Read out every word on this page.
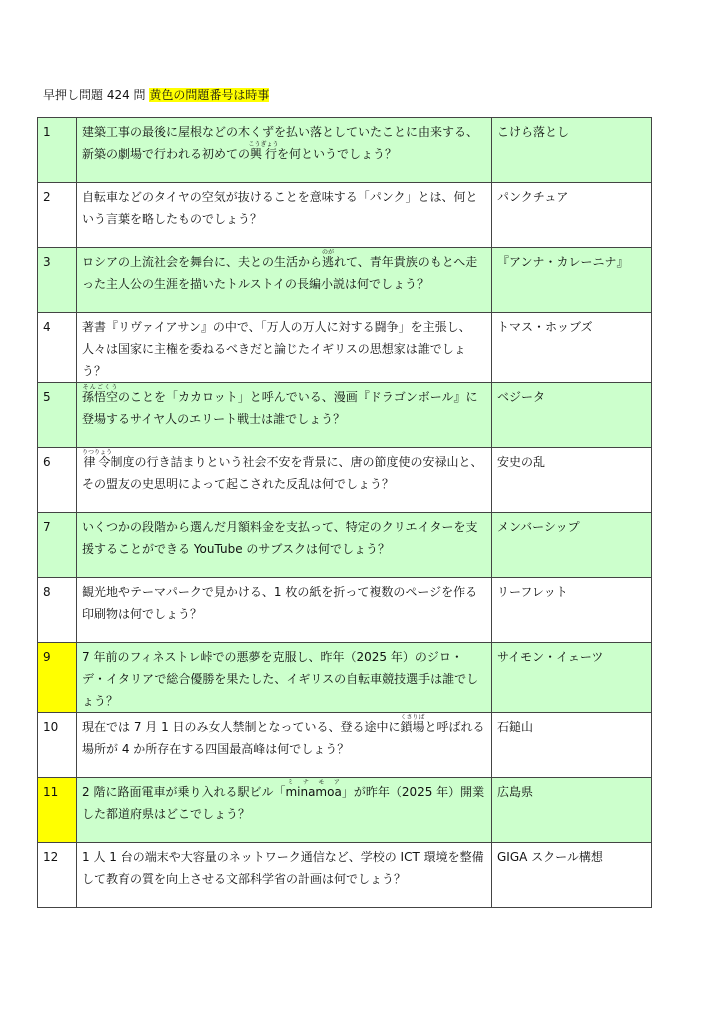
早押し問題 424 問 黄色の問題番号は時事
1	建築工事の最後に屋根などの木くずを払い落としていたことに由来する、新築の劇場で行われる初めての興行こうぎょうを何というでしょう？	こけら落とし
2	自転車などのタイヤの空気が抜けることを意味する「パンク」とは、何という言葉を略したものでしょう？	パンクチュア
3	ロシアの上流社会を舞台に、夫との生活から逃のがれて、青年貴族のもとへ走った主人公の生涯を描いたトルストイの長編小説は何でしょう？	『アンナ・カレーニナ』
4	著書『リヴァイアサン』の中で、「万人の万人に対する闘争」を主張し、人々は国家に主権を委ねるべきだと論じたイギリスの思想家は誰でしょう？	トマス・ホッブズ
5	孫悟空そんごくうのことを「カカロット」と呼んでいる、漫画『ドラゴンボール』に登場するサイヤ人のエリート戦士は誰でしょう？	ベジータ
6	律令りつりょう制度の行き詰まりという社会不安を背景に、唐の節度使の安禄山と、その盟友の史思明によって起こされた反乱は何でしょう？	安史の乱
7	いくつかの段階から選んだ月額料金を支払って、特定のクリエイターを支援することができる YouTube のサブスクは何でしょう？	メンバーシップ
8	観光地やテーマパークで見かける、1 枚の紙を折って複数のページを作る印刷物は何でしょう？	リーフレット
9	7 年前のフィネストレ峠での悪夢を克服し、昨年（2025 年）のジロ・デ・イタリアで総合優勝を果たした、イギリスの自転車競技選手は誰でしょう？	サイモン・イェーツ
10	現在では 7 月 1 日のみ女人禁制となっている、登る途中に鎖場くさりばと呼ばれる場所が 4 か所存在する四国最高峰は何でしょう？	石鎚山
11	2 階に路面電車が乗り入れる駅ビル「minamoaミ ナ モ ア」が昨年（2025 年）開業した都道府県はどこでしょう？	広島県
12	1 人 1 台の端末や大容量のネットワーク通信など、学校の ICT 環境を整備して教育の質を向上させる文部科学省の計画は何でしょう？	GIGA スクール構想
